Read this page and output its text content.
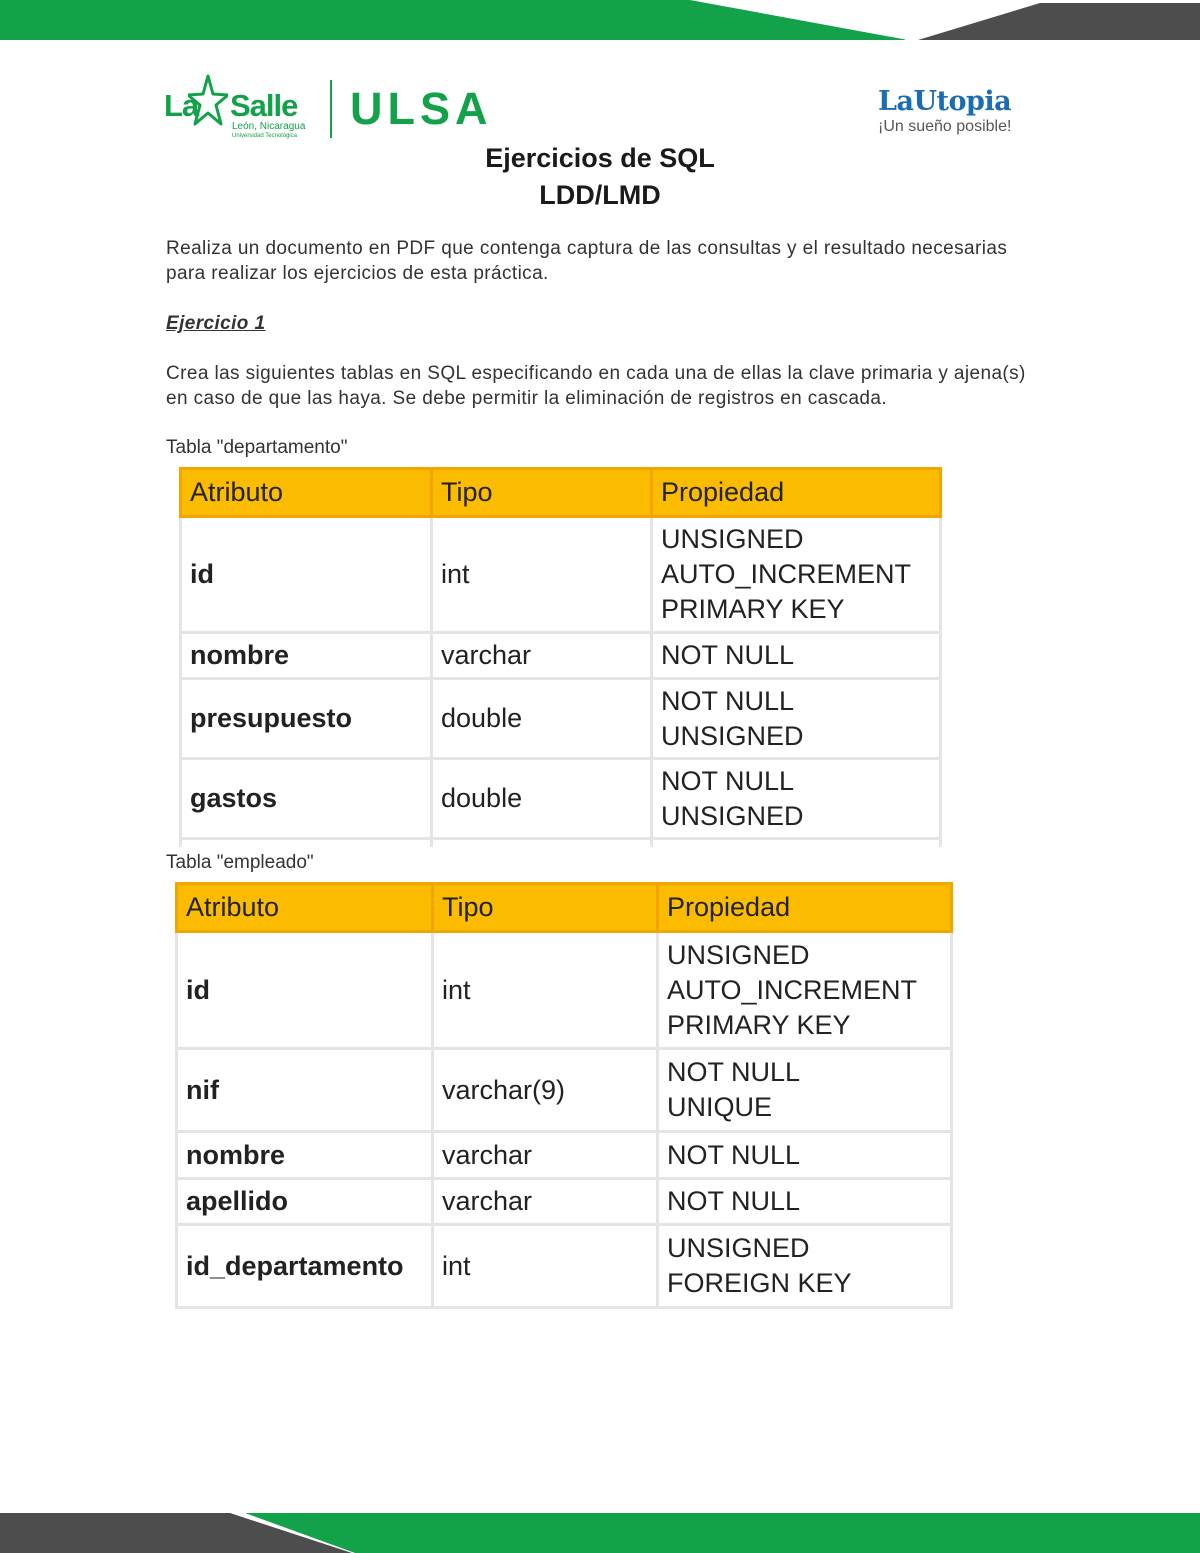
La Salle
León, Nicaragua
Universidad Tecnológica
ULSA	LaUtopia
¡Un sueño posible!
Ejercicios de SQL
LDD/LMD

Realiza un documento en PDF que contenga captura de las consultas y el resultado necesarias para realizar los ejercicios de esta práctica.

Ejercicio 1

Crea las siguientes tablas en SQL especificando en cada una de ellas la clave primaria y ajena(s) en caso de que las haya. Se debe permitir la eliminación de registros en cascada.

Tabla "departamento"

Atributo	Tipo	Propiedad
id	int	UNSIGNED
AUTO_INCREMENT
PRIMARY KEY
nombre	varchar	NOT NULL
presupuesto	double	NOT NULL
UNSIGNED
gastos	double	NOT NULL
UNSIGNED

Tabla "empleado"

Atributo	Tipo	Propiedad
id	int	UNSIGNED
AUTO_INCREMENT
PRIMARY KEY
nif	varchar(9)	NOT NULL
UNIQUE
nombre	varchar	NOT NULL
apellido	varchar	NOT NULL
id_departamento	int	UNSIGNED
FOREIGN KEY
